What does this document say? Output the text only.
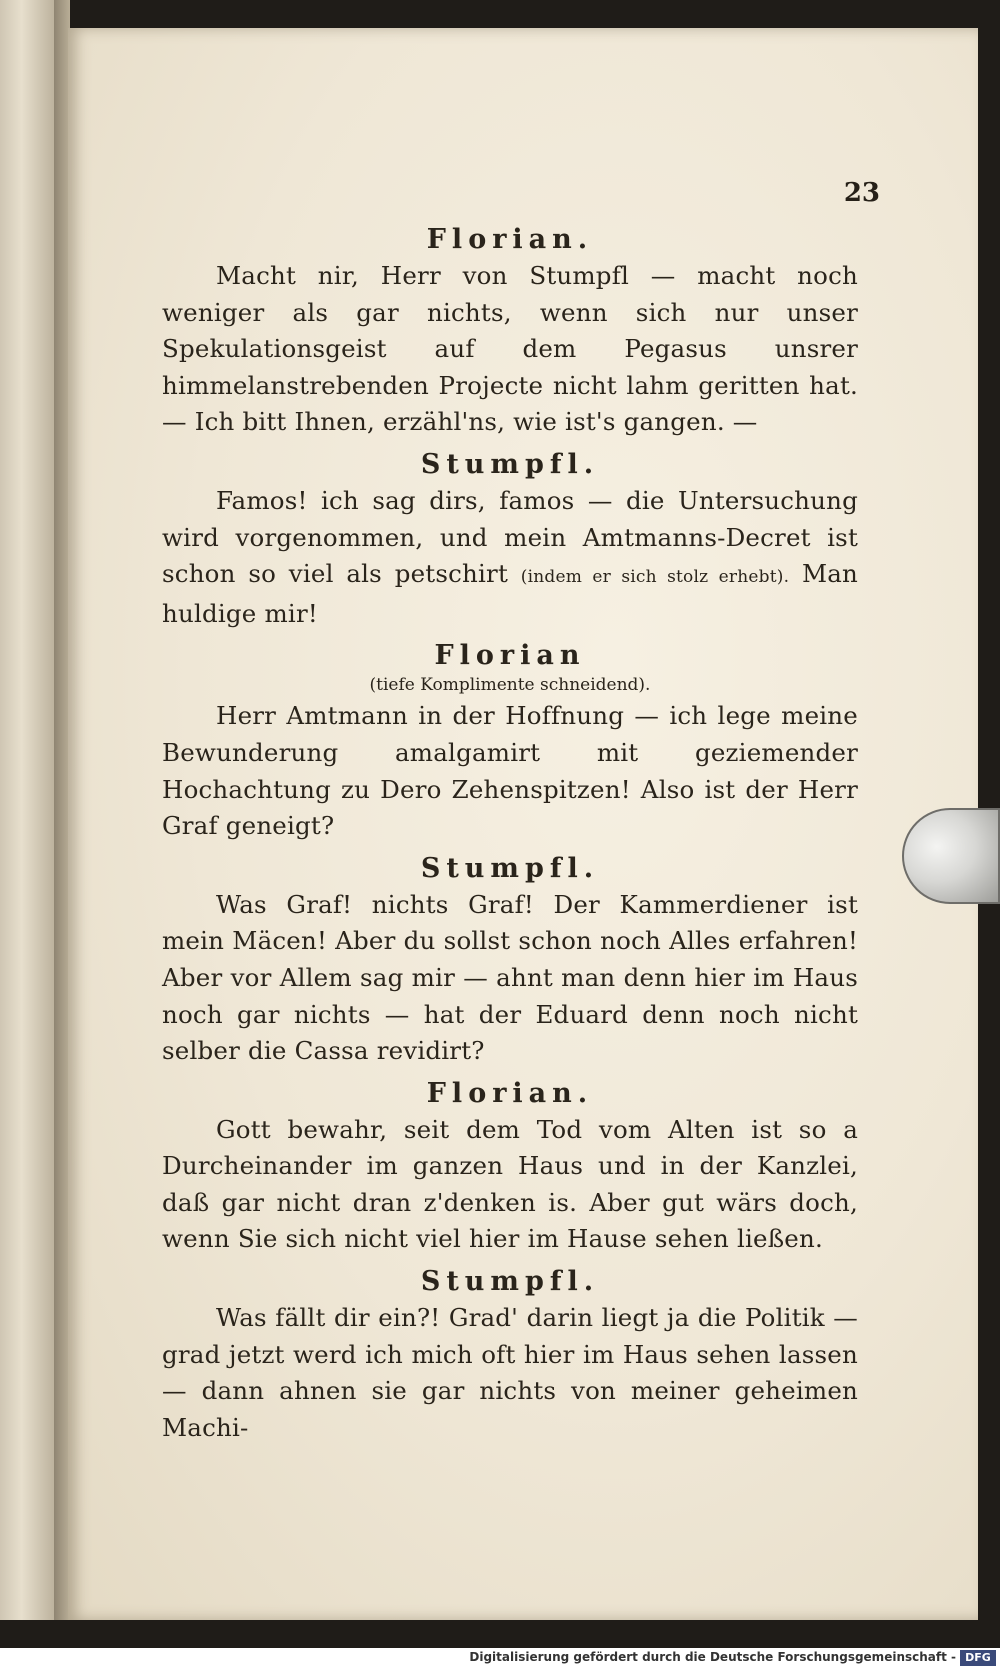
23

Florian.

Macht nir, Herr von Stumpfl — macht noch weniger als gar nichts, wenn sich nur unser Spekulationsgeist auf dem Pegasus unsrer himmelanstrebenden Projecte nicht lahm geritten hat. — Ich bitt Ihnen, erzähl'ns, wie ist's gangen. —

Stumpfl.

Famos! ich sag dirs, famos — die Untersuchung wird vorgenommen, und mein Amtmanns-Decret ist schon so viel als petschirt (indem er sich stolz erhebt). Man huldige mir!

Florian

(tiefe Komplimente schneidend).

Herr Amtmann in der Hoffnung — ich lege meine Bewunderung amalgamirt mit geziemender Hochachtung zu Dero Zehenspitzen! Also ist der Herr Graf geneigt?

Stumpfl.

Was Graf! nichts Graf! Der Kammerdiener ist mein Mäcen! Aber du sollst schon noch Alles erfahren! Aber vor Allem sag mir — ahnt man denn hier im Haus noch gar nichts — hat der Eduard denn noch nicht selber die Cassa revidirt?

Florian.

Gott bewahr, seit dem Tod vom Alten ist so a Durcheinander im ganzen Haus und in der Kanzlei, daß gar nicht dran z'denken is. Aber gut wärs doch, wenn Sie sich nicht viel hier im Hause sehen ließen.

Stumpfl.

Was fällt dir ein?! Grad' darin liegt ja die Politik — grad jetzt werd ich mich oft hier im Haus sehen lassen — dann ahnen sie gar nichts von meiner geheimen Machi-

Digitalisierung gefördert durch die Deutsche Forschungsgemeinschaft - DFG
